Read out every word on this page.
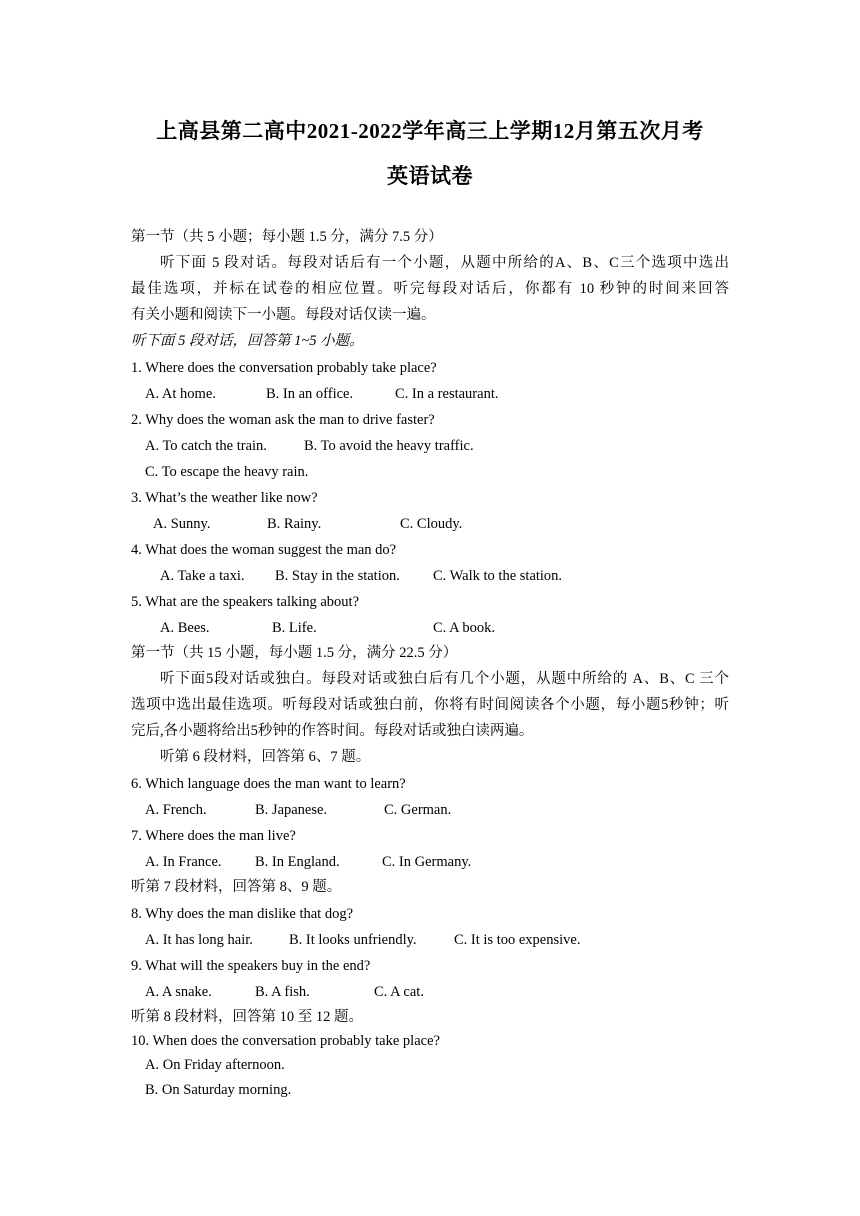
上高县第二高中2021-2022学年高三上学期12月第五次月考
英语试卷
第一节（共 5 小题；每小题 1.5 分，满分 7.5 分）
听下面 5 段对话。每段对话后有一个小题，从题中所给的A、B、C三个选项中选出
最佳选项，并标在试卷的相应位置。听完每段对话后，你都有 10 秒钟的时间来回答
有关小题和阅读下一小题。每段对话仅读一遍。
听下面 5 段对话，回答第 1~5 小题。
1. Where does the conversation probably take place?
A. At home.	B. In an office.	C. In a restaurant.
2. Why does the woman ask the man to drive faster?
A. To catch the train.	B. To avoid the heavy traffic.
C. To escape the heavy rain.
3. What’s the weather like now?
A. Sunny.	B. Rainy.	C. Cloudy.
4. What does the woman suggest the man do?
A. Take a taxi. B. Stay in the station. C. Walk to the station.
5. What are the speakers talking about?
A. Bees.	B. Life.	C. A book.
第一节（共 15 小题，每小题 1.5 分，满分 22.5 分）
听下面5段对话或独白。每段对话或独白后有几个小题，从题中所给的 A、B、C 三个
选项中选出最佳选项。听每段对话或独白前，你将有时间阅读各个小题，每小题5秒钟；听
完后,各小题将给出5秒钟的作答时间。每段对话或独白读两遍。
听第 6 段材料，回答第 6、7 题。
6. Which language does the man want to learn?
A. French.	B. Japanese.	C. German.
7. Where does the man live?
A. In France. B. In England.	C. In Germany.
听第 7 段材料，回答第 8、9 题。
8. Why does the man dislike that dog?
A. It has long hair. B. It looks unfriendly.	C. It is too expensive.
9. What will the speakers buy in the end?
A. A snake.	B. A fish.	C. A cat.
听第 8 段材料，回答第 10 至 12 题。
10. When does the conversation probably take place?
A. On Friday afternoon.
B. On Saturday morning.
